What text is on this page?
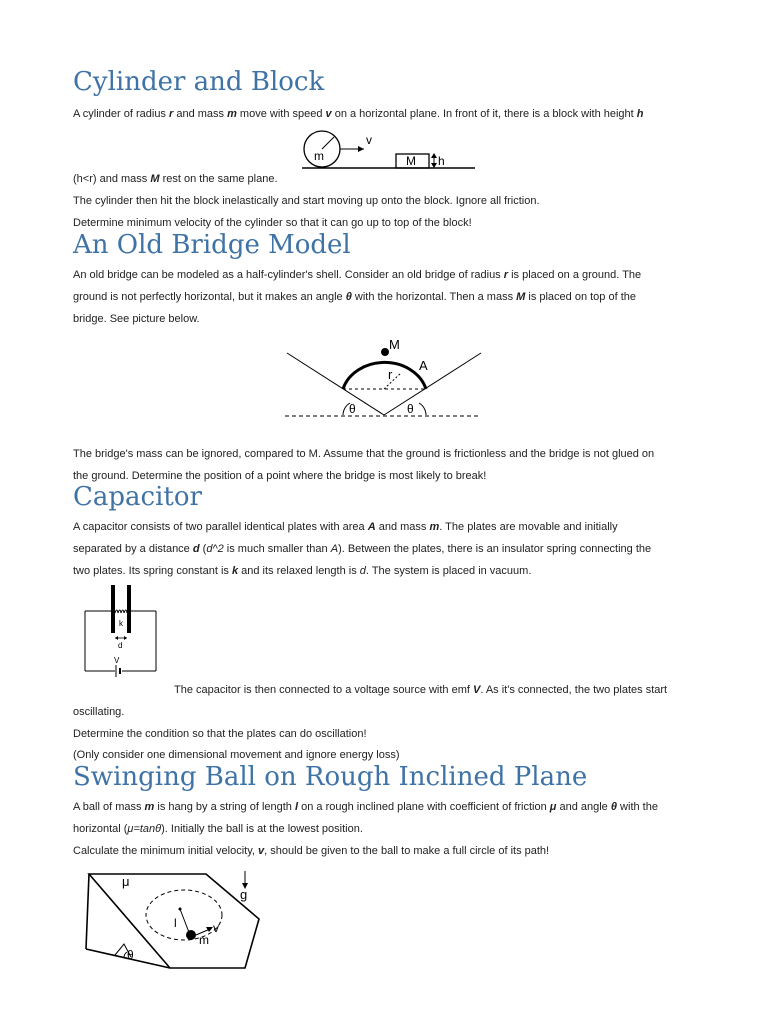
Cylinder and Block

A cylinder of radius r and mass m move with speed v on a horizontal plane. In front of it, there is a block with height h

m
v
M h

(h<r) and mass M rest on the same plane.

The cylinder then hit the block inelastically and start moving up onto the block. Ignore all friction.

Determine minimum velocity of the cylinder so that it can go up to top of the block!

An Old Bridge Model

An old bridge can be modeled as a half-cylinder's shell. Consider an old bridge of radius r is placed on a ground. The

ground is not perfectly horizontal, but it makes an angle θ with the horizontal. Then a mass M is placed on top of the

bridge. See picture below.

M
A
r
θ	θ

The bridge's mass can be ignored, compared to M. Assume that the ground is frictionless and the bridge is not glued on

the ground. Determine the position of a point where the bridge is most likely to break!

Capacitor

A capacitor consists of two parallel identical plates with area A and mass m. The plates are movable and initially

separated by a distance d (d^2 is much smaller than A). Between the plates, there is an insulator spring connecting the

two plates. Its spring constant is k and its relaxed length is d. The system is placed in vacuum.

k
d
V

The capacitor is then connected to a voltage source with emf V. As it's connected, the two plates start

oscillating.

Determine the condition so that the plates can do oscillation!

(Only consider one dimensional movement and ignore energy loss)

Swinging Ball on Rough Inclined Plane

A ball of mass m is hang by a string of length l on a rough inclined plane with coefficient of friction μ and angle θ with the

horizontal (μ=tanθ). Initially the ball is at the lowest position.

Calculate the minimum initial velocity, v, should be given to the ball to make a full circle of its path!

θ
μ
g
l
m
v
